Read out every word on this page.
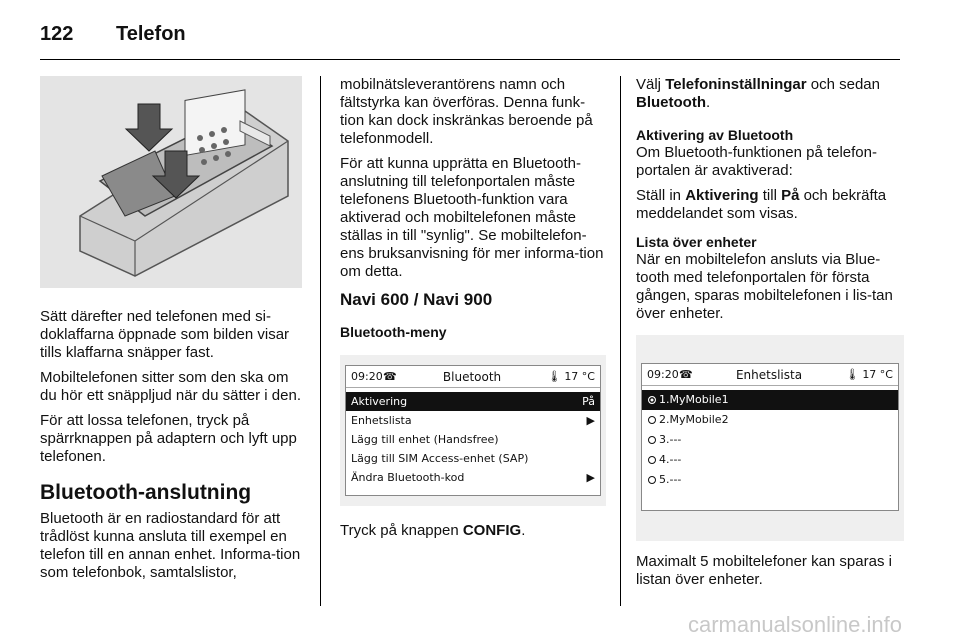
122	Telefon

Sätt därefter ned telefonen med si-doklaffarna öppnade som bilden visar tills klaffarna snäpper fast.

Mobiltelefonen sitter som den ska om du hör ett snäppljud när du sätter i den.

För att lossa telefonen, tryck på spärrknappen på adaptern och lyft upp telefonen.

Bluetooth-anslutning

Bluetooth är en radiostandard för att trådlöst kunna ansluta till exempel en telefon till en annan enhet. Informa-tion som telefonbok, samtalslistor,

mobilnätsleverantörens namn och fältstyrka kan överföras. Denna funk-tion kan dock inskränkas beroende på telefonmodell.

För att kunna upprätta en Bluetooth-anslutning till telefonportalen måste telefonens Bluetooth-funktion vara aktiverad och mobiltelefonen måste ställas in till "synlig". Se mobiltelefon-ens bruksanvisning för mer informa-tion om detta.

Navi 600 / Navi 900
Bluetooth-meny
09:20 ☎	Bluetooth	🌡 17 °C
Aktivering	På
Enhetslista	▶
Lägg till enhet (Handsfree)
Lägg till SIM Access-enhet (SAP)
Ändra Bluetooth-kod	▶

Tryck på knappen CONFIG.

Välj Telefoninställningar och sedan Bluetooth.

Aktivering av Bluetooth

Om Bluetooth-funktionen på telefon-portalen är avaktiverad:

Ställ in Aktivering till På och bekräfta meddelandet som visas.

Lista över enheter

När en mobiltelefon ansluts via Blue-tooth med telefonportalen för första gången, sparas mobiltelefonen i lis-tan över enheter.

09:20 ☎	Enhetslista	🌡 17 °C
1.MyMobile1
2.MyMobile2
3.---
4.---
5.---

Maximalt 5 mobiltelefoner kan sparas i listan över enheter.

carmanualsonline.info
